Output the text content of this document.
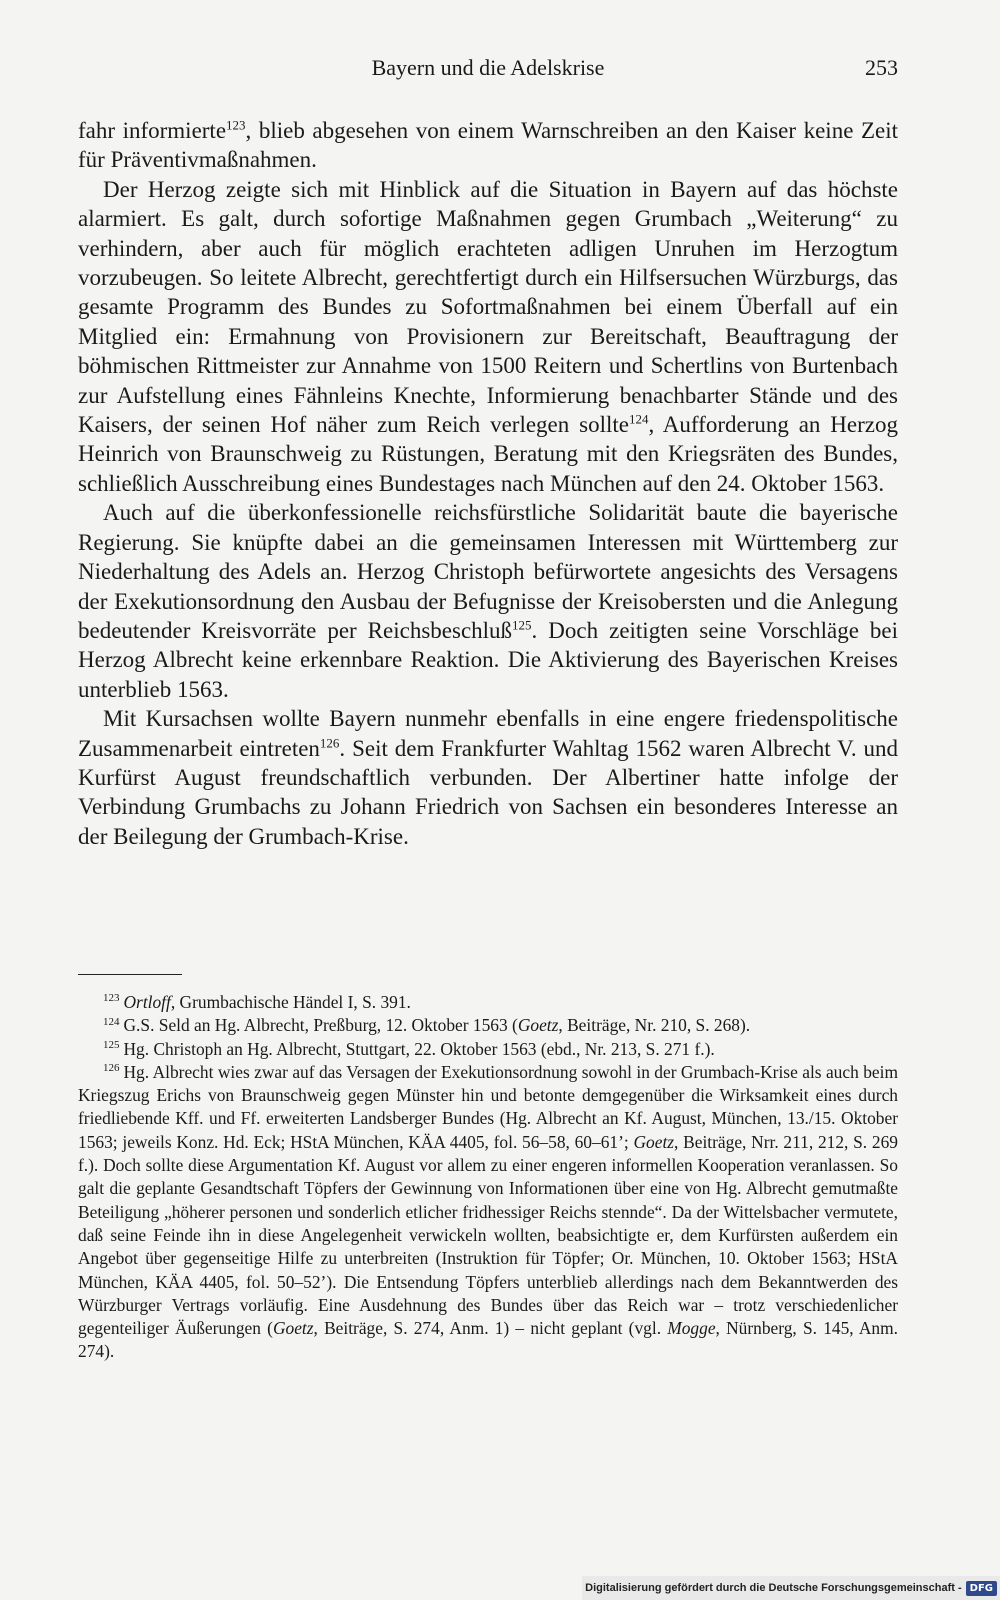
Bayern und die Adelskrise	253

fahr informierte$^{123}$, blieb abgesehen von einem Warnschreiben an den Kaiser keine Zeit für Präventivmaßnahmen.

Der Herzog zeigte sich mit Hinblick auf die Situation in Bayern auf das höchste alarmiert. Es galt, durch sofortige Maßnahmen gegen Grumbach „Weiterung“ zu verhindern, aber auch für möglich erachteten adligen Unruhen im Herzogtum vorzubeugen. So leitete Albrecht, gerechtfertigt durch ein Hilfsersuchen Würzburgs, das gesamte Programm des Bundes zu Sofortmaßnahmen bei einem Überfall auf ein Mitglied ein: Ermahnung von Provisionern zur Bereitschaft, Beauftragung der böhmischen Rittmeister zur Annahme von 1500 Reitern und Schertlins von Burtenbach zur Aufstellung eines Fähnleins Knechte, Informierung benachbarter Stände und des Kaisers, der seinen Hof näher zum Reich verlegen sollte$^{124}$, Aufforderung an Herzog Heinrich von Braunschweig zu Rüstungen, Beratung mit den Kriegsräten des Bundes, schließlich Ausschreibung eines Bundestages nach München auf den 24. Oktober 1563.

Auch auf die überkonfessionelle reichsfürstliche Solidarität baute die bayerische Regierung. Sie knüpfte dabei an die gemeinsamen Interessen mit Württemberg zur Niederhaltung des Adels an. Herzog Christoph befürwortete angesichts des Versagens der Exekutionsordnung den Ausbau der Befugnisse der Kreisobersten und die Anlegung bedeutender Kreisvorräte per Reichsbeschluß$^{125}$. Doch zeitigten seine Vorschläge bei Herzog Albrecht keine erkennbare Reaktion. Die Aktivierung des Bayerischen Kreises unterblieb 1563.

Mit Kursachsen wollte Bayern nunmehr ebenfalls in eine engere friedenspolitische Zusammenarbeit eintreten$^{126}$. Seit dem Frankfurter Wahltag 1562 waren Albrecht V. und Kurfürst August freundschaftlich verbunden. Der Albertiner hatte infolge der Verbindung Grumbachs zu Johann Friedrich von Sachsen ein besonderes Interesse an der Beilegung der Grumbach-Krise.

$^{123}$ Ortloff, Grumbachische Händel I, S. 391.

$^{124}$ G.S. Seld an Hg. Albrecht, Preßburg, 12. Oktober 1563 (Goetz, Beiträge, Nr. 210, S. 268).

$^{125}$ Hg. Christoph an Hg. Albrecht, Stuttgart, 22. Oktober 1563 (ebd., Nr. 213, S. 271 f.).

$^{126}$ Hg. Albrecht wies zwar auf das Versagen der Exekutionsordnung sowohl in der Grumbach-Krise als auch beim Kriegszug Erichs von Braunschweig gegen Münster hin und betonte demgegenüber die Wirksamkeit eines durch friedliebende Kff. und Ff. erweiterten Landsberger Bundes (Hg. Albrecht an Kf. August, München, 13./15. Oktober 1563; jeweils Konz. Hd. Eck; HStA München, KÄA 4405, fol. 56–58, 60–61’; Goetz, Beiträge, Nrr. 211, 212, S. 269 f.). Doch sollte diese Argumentation Kf. August vor allem zu einer engeren informellen Kooperation veranlassen. So galt die geplante Gesandtschaft Töpfers der Gewinnung von Informationen über eine von Hg. Albrecht gemutmaßte Beteiligung „höherer personen und sonderlich etlicher fridhessiger Reichs stennde“. Da der Wittelsbacher vermutete, daß seine Feinde ihn in diese Angelegenheit verwickeln wollten, beabsichtigte er, dem Kurfürsten außerdem ein Angebot über gegenseitige Hilfe zu unterbreiten (Instruktion für Töpfer; Or. München, 10. Oktober 1563; HStA München, KÄA 4405, fol. 50–52’). Die Entsendung Töpfers unterblieb allerdings nach dem Bekanntwerden des Würzburger Vertrags vorläufig. Eine Ausdehnung des Bundes über das Reich war – trotz verschiedenlicher gegenteiliger Äußerungen (Goetz, Beiträge, S. 274, Anm. 1) – nicht geplant (vgl. Mogge, Nürnberg, S. 145, Anm. 274).

Digitalisierung gefördert durch die Deutsche Forschungsgemeinschaft - DFG
